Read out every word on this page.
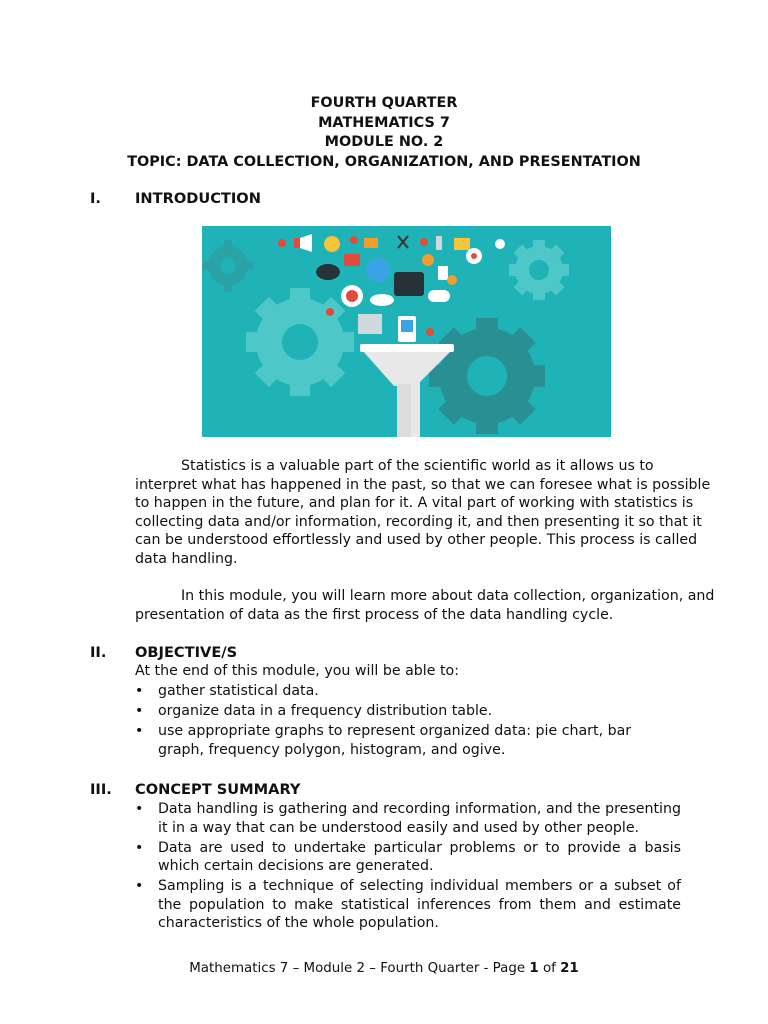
FOURTH QUARTER
MATHEMATICS 7
MODULE NO. 2
TOPIC: DATA COLLECTION, ORGANIZATION, AND PRESENTATION
I. INTRODUCTION
Statistics is a valuable part of the scientific world as it allows us to
interpret what has happened in the past, so that we can foresee what is possible
to happen in the future, and plan for it. A vital part of working with statistics is
collecting data and/or information, recording it, and then presenting it so that it
can be understood effortlessly and used by other people. This process is called
data handling.
In this module, you will learn more about data collection, organization, and
presentation of data as the first process of the data handling cycle.
II. OBJECTIVE/S
At the end of this module, you will be able to:
• gather statistical data.
• organize data in a frequency distribution table.
• use appropriate graphs to represent organized data: pie chart, bar graph, frequency polygon, histogram, and ogive.
III. CONCEPT SUMMARY
• Data handling is gathering and recording information, and the presenting it in a way that can be understood easily and used by other people.
• Data are used to undertake particular problems or to provide a basis which certain decisions are generated.
• Sampling is a technique of selecting individual members or a subset of the population to make statistical inferences from them and estimate characteristics of the whole population.
Mathematics 7 – Module 2 – Fourth Quarter - Page 1 of 21
